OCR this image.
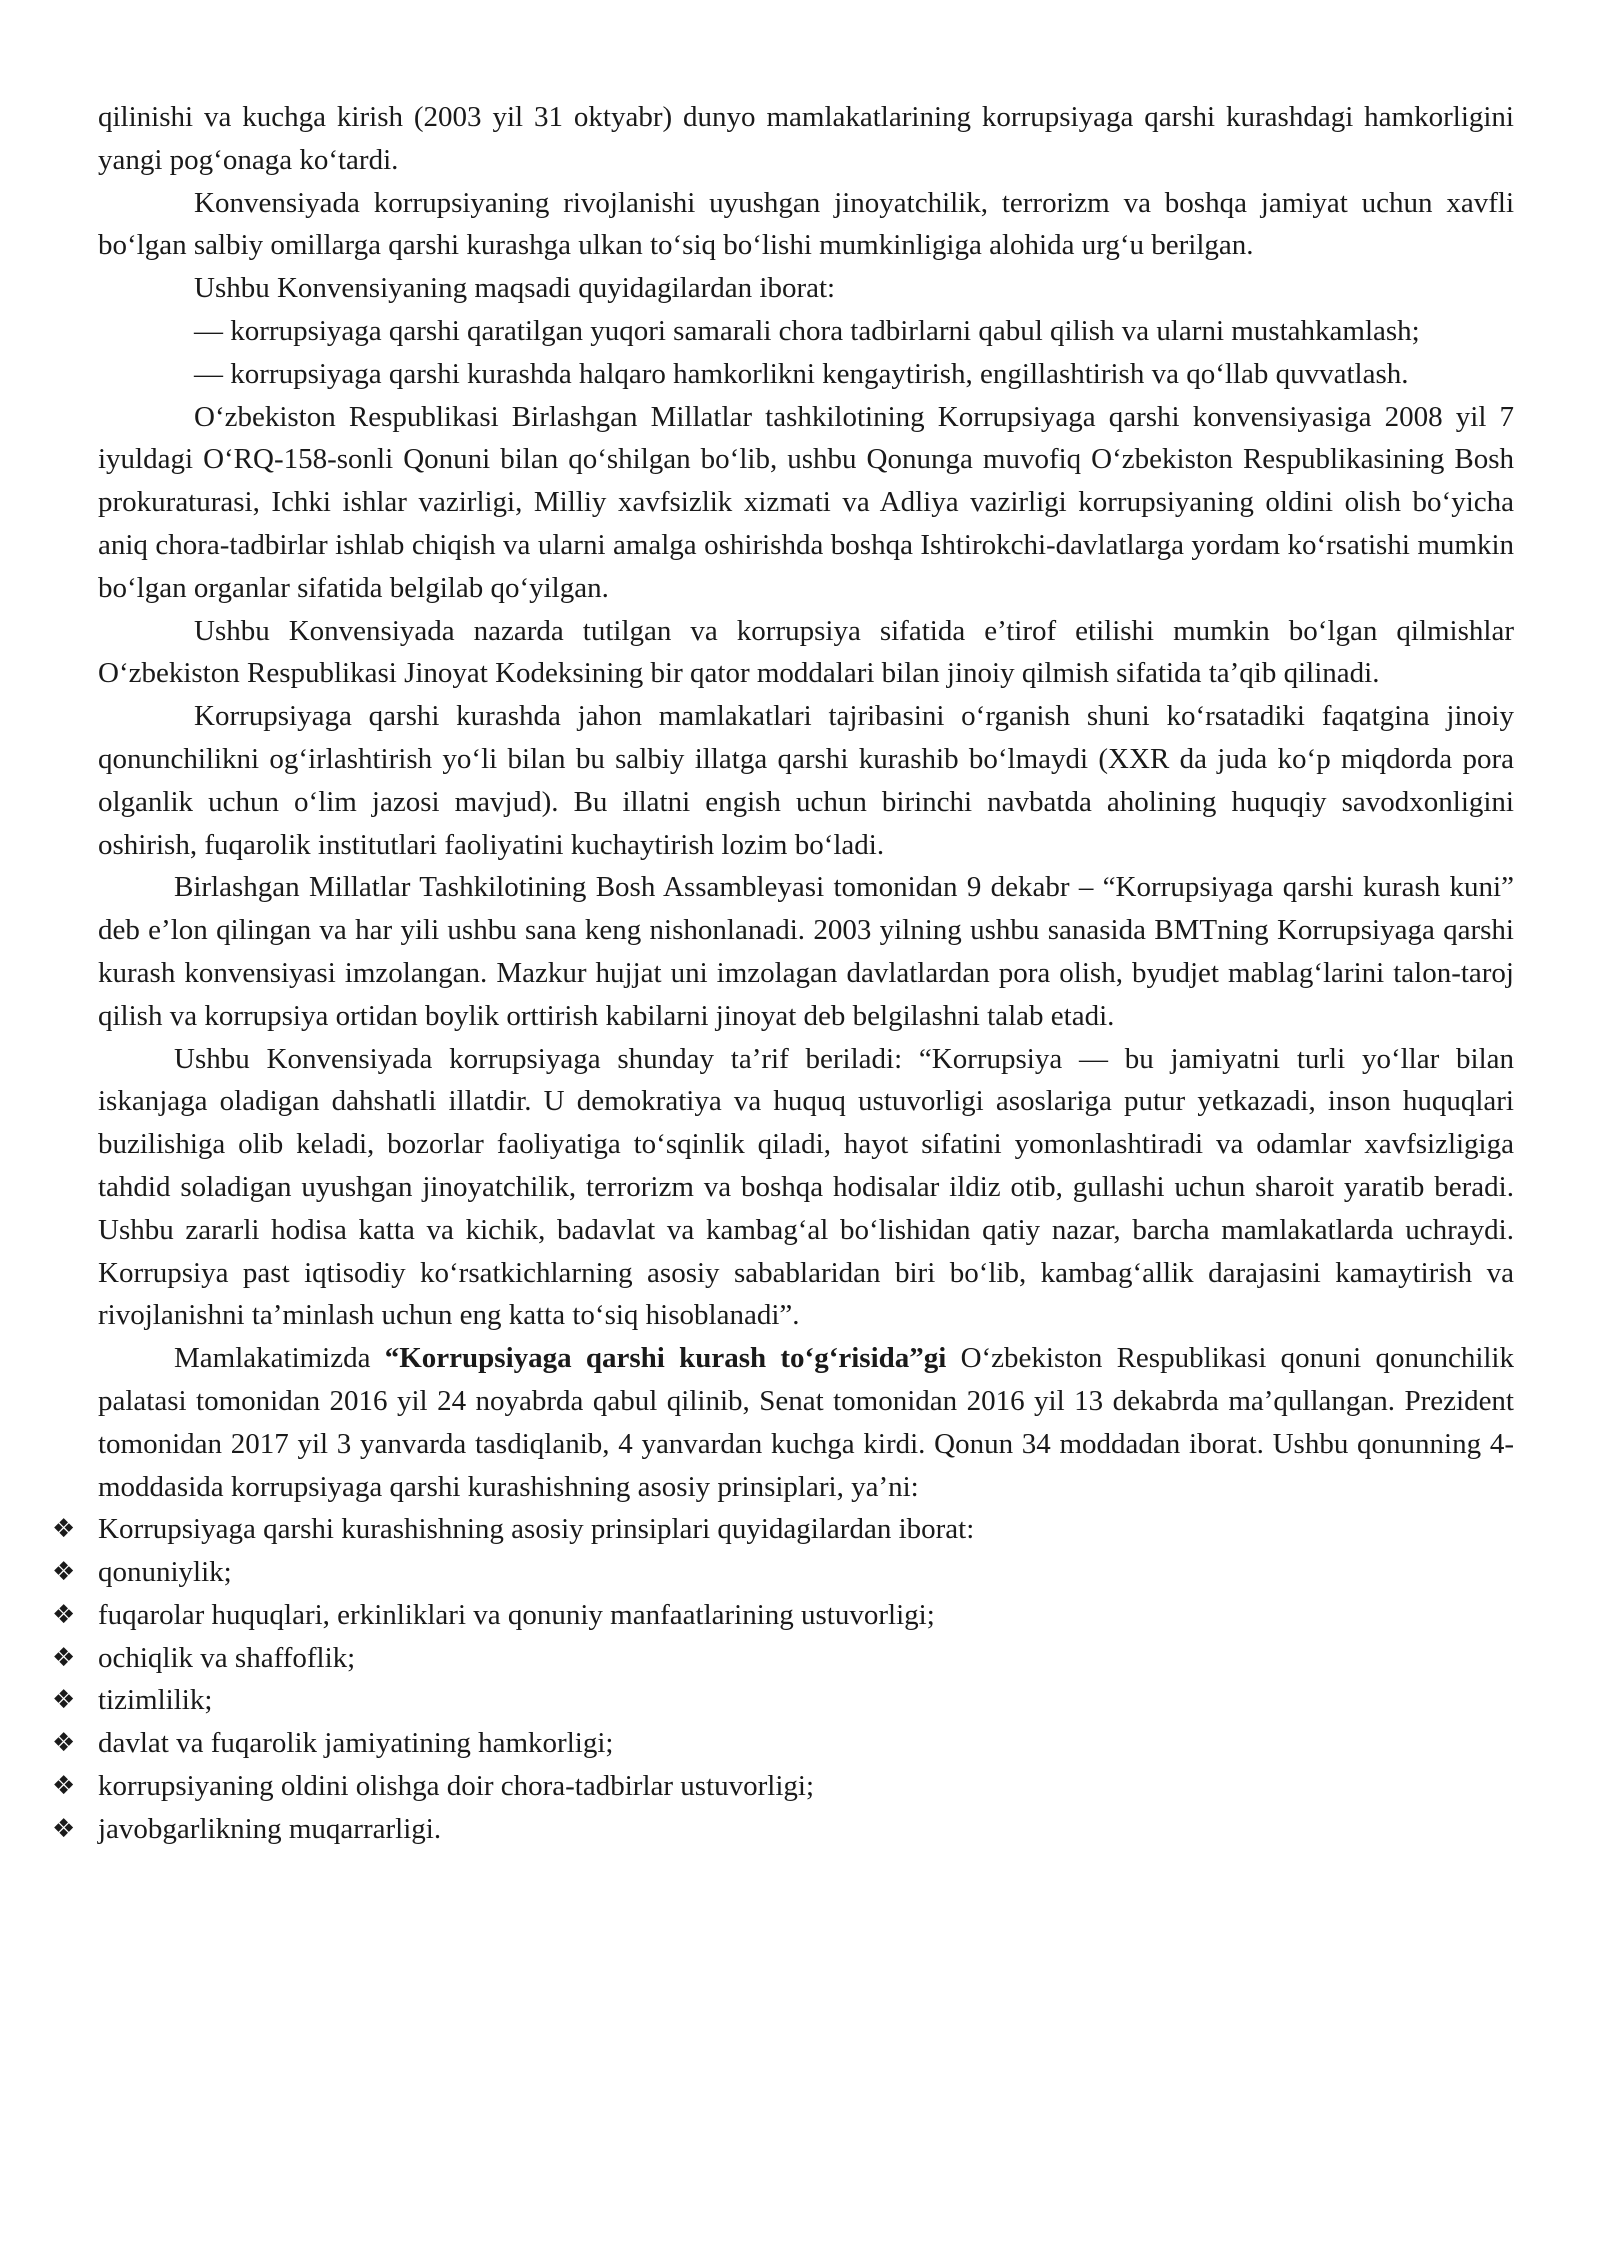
qilinishi va kuchga kirish (2003 yil 31 oktyabr) dunyo mamlakatlarining korrupsiyaga qarshi kurashdagi hamkorligini yangi pog‘onaga ko‘tardi.

Konvensiyada korrupsiyaning rivojlanishi uyushgan jinoyatchilik, terrorizm va boshqa jamiyat uchun xavfli bo‘lgan salbiy omillarga qarshi kurashga ulkan to‘siq bo‘lishi mumkinligiga alohida urg‘u berilgan.

Ushbu Konvensiyaning maqsadi quyidagilardan iborat:

— korrupsiyaga qarshi qaratilgan yuqori samarali chora tadbirlarni qabul qilish va ularni mustahkamlash;

— korrupsiyaga qarshi kurashda halqaro hamkorlikni kengaytirish, engillashtirish va qo‘llab quvvatlash.

O‘zbekiston Respublikasi Birlashgan Millatlar tashkilotining Korrupsiyaga qarshi konvensiyasiga 2008 yil 7 iyuldagi O‘RQ-158-sonli Qonuni bilan qo‘shilgan bo‘lib, ushbu Qonunga muvofiq O‘zbekiston Respublikasining Bosh prokuraturasi, Ichki ishlar vazirligi, Milliy xavfsizlik xizmati va Adliya vazirligi korrupsiyaning oldini olish bo‘yicha aniq chora-tadbirlar ishlab chiqish va ularni amalga oshirishda boshqa Ishtirokchi-davlatlarga yordam ko‘rsatishi mumkin bo‘lgan organlar sifatida belgilab qo‘yilgan.

Ushbu Konvensiyada nazarda tutilgan va korrupsiya sifatida e’tirof etilishi mumkin bo‘lgan qilmishlar O‘zbekiston Respublikasi Jinoyat Kodeksining bir qator moddalari bilan jinoiy qilmish sifatida ta’qib qilinadi.

Korrupsiyaga qarshi kurashda jahon mamlakatlari tajribasini o‘rganish shuni ko‘rsatadiki faqatgina jinoiy qonunchilikni og‘irlashtirish yo‘li bilan bu salbiy illatga qarshi kurashib bo‘lmaydi (XXR da juda ko‘p miqdorda pora olganlik uchun o‘lim jazosi mavjud). Bu illatni engish uchun birinchi navbatda aholining huquqiy savodxonligini oshirish, fuqarolik institutlari faoliyatini kuchaytirish lozim bo‘ladi.

Birlashgan Millatlar Tashkilotining Bosh Assambleyasi tomonidan 9 dekabr – “Korrupsiyaga qarshi kurash kuni” deb e’lon qilingan va har yili ushbu sana keng nishonlanadi. 2003 yilning ushbu sanasida BMTning Korrupsiyaga qarshi kurash konvensiyasi imzolangan. Mazkur hujjat uni imzolagan davlatlardan pora olish, byudjet mablag‘larini talon-taroj qilish va korrupsiya ortidan boylik orttirish kabilarni jinoyat deb belgilashni talab etadi.

Ushbu Konvensiyada korrupsiyaga shunday ta’rif beriladi: “Korrupsiya — bu jamiyatni turli yo‘llar bilan iskanjaga oladigan dahshatli illatdir. U demokratiya va huquq ustuvorligi asoslariga putur yetkazadi, inson huquqlari buzilishiga olib keladi, bozorlar faoliyatiga to‘sqinlik qiladi, hayot sifatini yomonlashtiradi va odamlar xavfsizligiga tahdid soladigan uyushgan jinoyatchilik, terrorizm va boshqa hodisalar ildiz otib, gullashi uchun sharoit yaratib beradi. Ushbu zararli hodisa katta va kichik, badavlat va kambag‘al bo‘lishidan qatiy nazar, barcha mamlakatlarda uchraydi. Korrupsiya past iqtisodiy ko‘rsatkichlarning asosiy sabablaridan biri bo‘lib, kambag‘allik darajasini kamaytirish va rivojlanishni ta’minlash uchun eng katta to‘siq hisoblanadi”.

Mamlakatimizda “Korrupsiyaga qarshi kurash to‘g‘risida”gi O‘zbekiston Respublikasi qonuni qonunchilik palatasi tomonidan 2016 yil 24 noyabrda qabul qilinib, Senat tomonidan 2016 yil 13 dekabrda ma’qullangan. Prezident tomonidan 2017 yil 3 yanvarda tasdiqlanib, 4 yanvardan kuchga kirdi. Qonun 34 moddadan iborat. Ushbu qonunning 4-moddasida korrupsiyaga qarshi kurashishning asosiy prinsiplari, ya’ni:

❖ Korrupsiyaga qarshi kurashishning asosiy prinsiplari quyidagilardan iborat:
❖ qonuniylik;
❖ fuqarolar huquqlari, erkinliklari va qonuniy manfaatlarining ustuvorligi;
❖ ochiqlik va shaffoflik;
❖ tizimlilik;
❖ davlat va fuqarolik jamiyatining hamkorligi;
❖ korrupsiyaning oldini olishga doir chora-tadbirlar ustuvorligi;
❖ javobgarlikning muqarrarligi.
